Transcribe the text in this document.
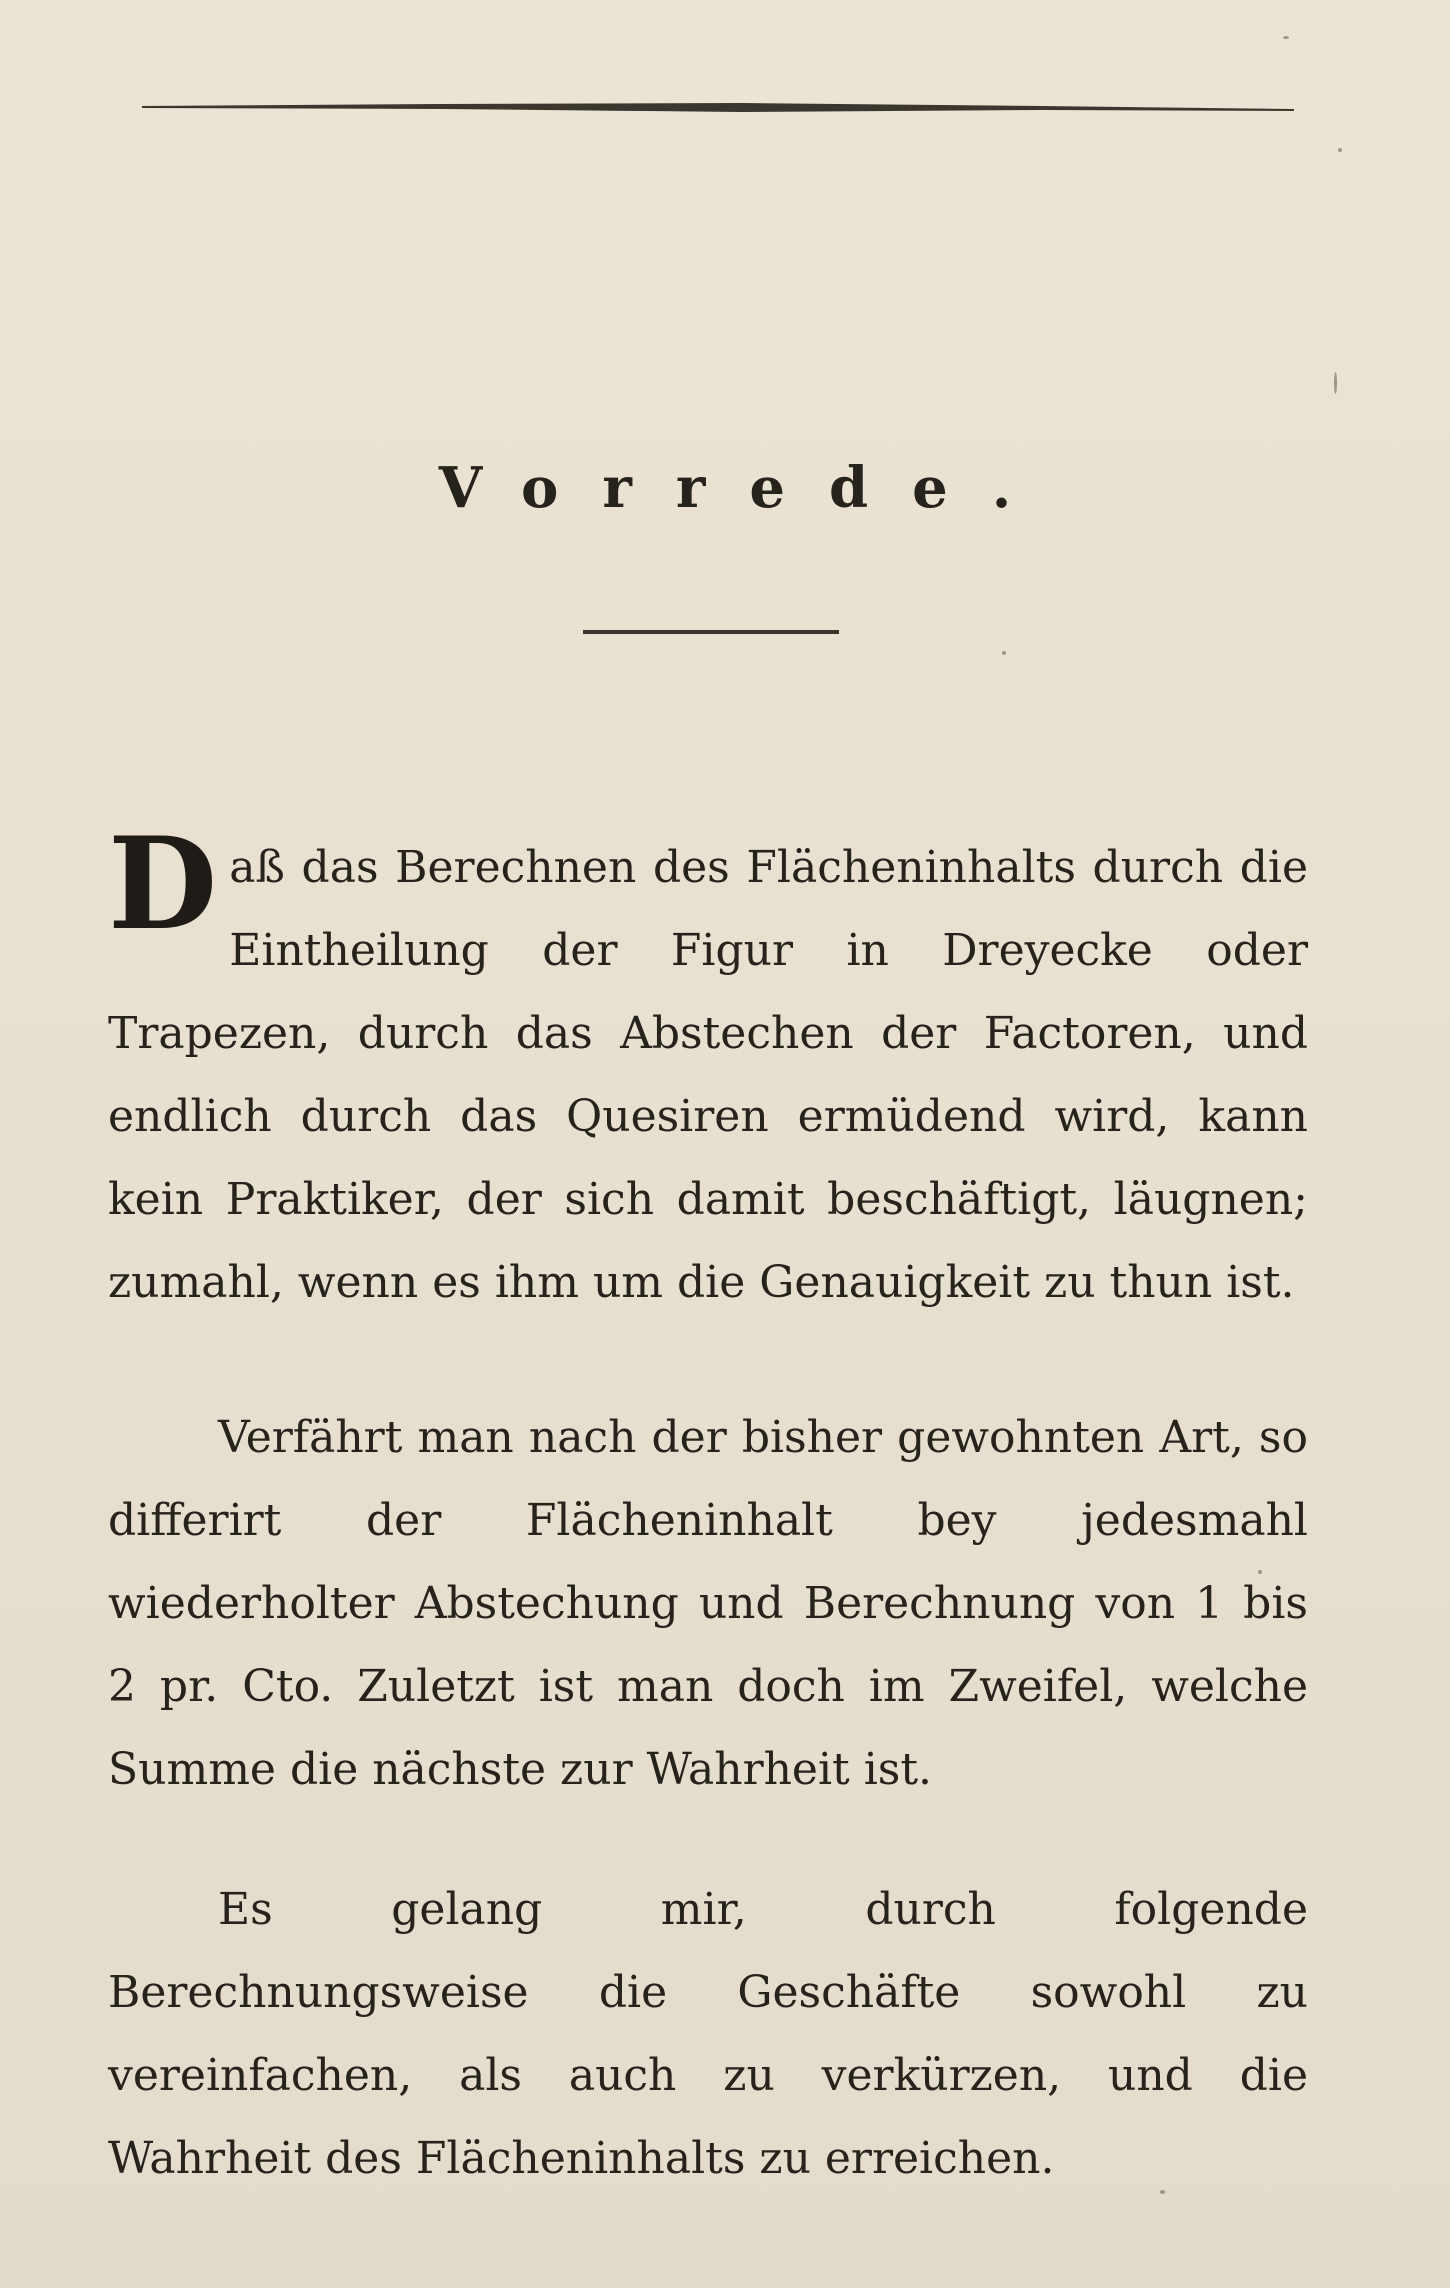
Vorrede.
D aß das Berechnen des Flächeninhalts durch die Eintheilung der Figur in Dreyecke oder Trapezen, durch das Abstechen der Factoren, und endlich durch das Quesiren ermüdend wird, kann kein Praktiker, der sich damit beschäftigt, läugnen; zumahl, wenn es ihm um die Genauigkeit zu thun ist.
Verfährt man nach der bisher gewohnten Art, so differirt der Flächeninhalt bey jedesmahl wiederholter Abstechung und Berechnung von 1 bis 2 pr. Cto. Zuletzt ist man doch im Zweifel, welche Summe die nächste zur Wahrheit ist.
Es gelang mir, durch folgende Berechnungsweise die Geschäfte sowohl zu vereinfachen, als auch zu verkürzen, und die Wahrheit des Flächeninhalts zu erreichen.
